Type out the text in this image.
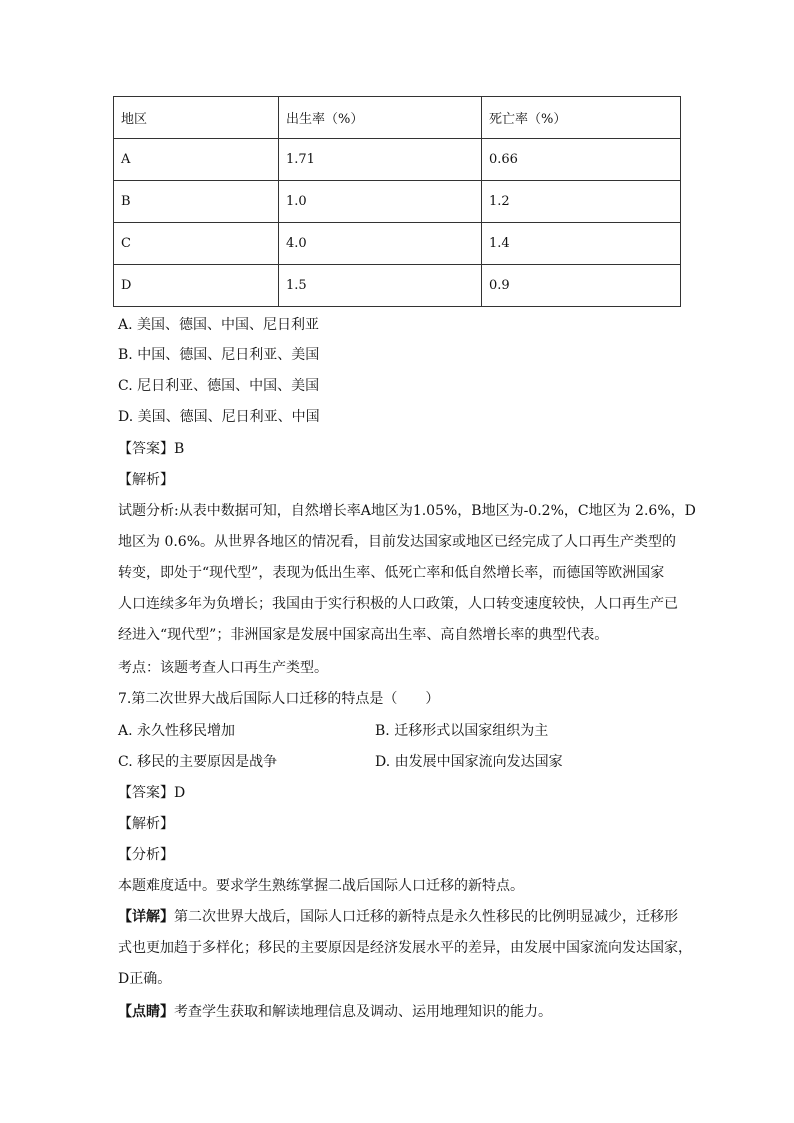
地区	出生率（%）	死亡率（%）
A	1.71	0.66
B	1.0	1.2
C	4.0	1.4
D	1.5	0.9
A. 美国、德国、中国、尼日利亚
B. 中国、德国、尼日利亚、美国
C. 尼日利亚、德国、中国、美国
D. 美国、德国、尼日利亚、中国
【答案】B
【解析】
试题分析:从表中数据可知，自然增长率A地区为1.05%，B地区为-0.2%，C地区为 2.6%，D
地区为 0.6%。从世界各地区的情况看，目前发达国家或地区已经完成了人口再生产类型的
转变，即处于“现代型”，表现为低出生率、低死亡率和低自然增长率，而德国等欧洲国家
人口连续多年为负增长；我国由于实行积极的人口政策，人口转变速度较快，人口再生产已
经进入“现代型”；非洲国家是发展中国家高出生率、高自然增长率的典型代表。
考点：该题考查人口再生产类型。
7.第二次世界大战后国际人口迁移的特点是（　　）
A. 永久性移民增加	B. 迁移形式以国家组织为主
C. 移民的主要原因是战争	D. 由发展中国家流向发达国家
【答案】D
【解析】
【分析】
本题难度适中。要求学生熟练掌握二战后国际人口迁移的新特点。
【详解】第二次世界大战后，国际人口迁移的新特点是永久性移民的比例明显减少，迁移形
式也更加趋于多样化；移民的主要原因是经济发展水平的差异，由发展中国家流向发达国家，
D正确。
【点睛】考查学生获取和解读地理信息及调动、运用地理知识的能力。
